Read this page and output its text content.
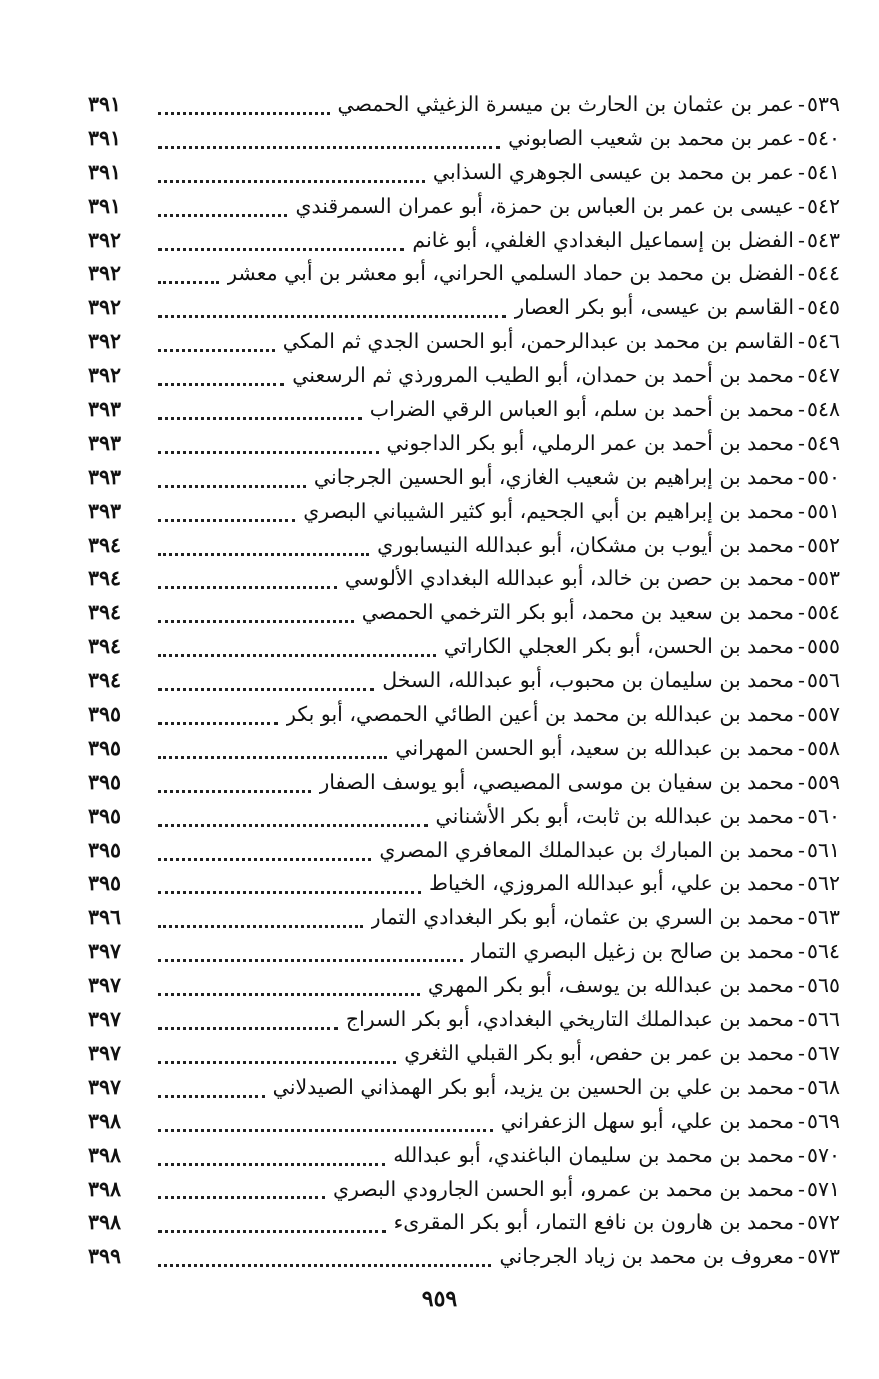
٥٣٩
-
عمر بن عثمان بن الحارث بن ميسرة الزغيثي الحمصي
٣٩١
٥٤٠
-
عمر بن محمد بن شعيب الصابوني
٣٩١
٥٤١
-
عمر بن محمد بن عيسى الجوهري السذابي
٣٩١
٥٤٢
-
عيسى بن عمر بن العباس بن حمزة، أبو عمران السمرقندي
٣٩١
٥٤٣
-
الفضل بن إسماعيل البغدادي الغلفي، أبو غانم
٣٩٢
٥٤٤
-
الفضل بن محمد بن حماد السلمي الحراني، أبو معشر بن أبي معشر
٣٩٢
٥٤٥
-
القاسم بن عيسى، أبو بكر العصار
٣٩٢
٥٤٦
-
القاسم بن محمد بن عبدالرحمن، أبو الحسن الجدي ثم المكي
٣٩٢
٥٤٧
-
محمد بن أحمد بن حمدان، أبو الطيب المرورذي ثم الرسعني
٣٩٢
٥٤٨
-
محمد بن أحمد بن سلم، أبو العباس الرقي الضراب
٣٩٣
٥٤٩
-
محمد بن أحمد بن عمر الرملي، أبو بكر الداجوني
٣٩٣
٥٥٠
-
محمد بن إبراهيم بن شعيب الغازي، أبو الحسين الجرجاني
٣٩٣
٥٥١
-
محمد بن إبراهيم بن أبي الجحيم، أبو كثير الشيباني البصري
٣٩٣
٥٥٢
-
محمد بن أيوب بن مشكان، أبو عبدالله النيسابوري
٣٩٤
٥٥٣
-
محمد بن حصن بن خالد، أبو عبدالله البغدادي الألوسي
٣٩٤
٥٥٤
-
محمد بن سعيد بن محمد، أبو بكر الترخمي الحمصي
٣٩٤
٥٥٥
-
محمد بن الحسن، أبو بكر العجلي الكاراتي
٣٩٤
٥٥٦
-
محمد بن سليمان بن محبوب، أبو عبدالله، السخل
٣٩٤
٥٥٧
-
محمد بن عبدالله بن محمد بن أعين الطائي الحمصي، أبو بكر
٣٩٥
٥٥٨
-
محمد بن عبدالله بن سعيد، أبو الحسن المهراني
٣٩٥
٥٥٩
-
محمد بن سفيان بن موسى المصيصي، أبو يوسف الصفار
٣٩٥
٥٦٠
-
محمد بن عبدالله بن ثابت، أبو بكر الأشناني
٣٩٥
٥٦١
-
محمد بن المبارك بن عبدالملك المعافري المصري
٣٩٥
٥٦٢
-
محمد بن علي، أبو عبدالله المروزي، الخياط
٣٩٥
٥٦٣
-
محمد بن السري بن عثمان، أبو بكر البغدادي التمار
٣٩٦
٥٦٤
-
محمد بن صالح بن زغيل البصري التمار
٣٩٧
٥٦٥
-
محمد بن عبدالله بن يوسف، أبو بكر المهري
٣٩٧
٥٦٦
-
محمد بن عبدالملك التاريخي البغدادي، أبو بكر السراج
٣٩٧
٥٦٧
-
محمد بن عمر بن حفص، أبو بكر القبلي الثغري
٣٩٧
٥٦٨
-
محمد بن علي بن الحسين بن يزيد، أبو بكر الهمذاني الصيدلاني
٣٩٧
٥٦٩
-
محمد بن علي، أبو سهل الزعفراني
٣٩٨
٥٧٠
-
محمد بن محمد بن سليمان الباغندي، أبو عبدالله
٣٩٨
٥٧١
-
محمد بن محمد بن عمرو، أبو الحسن الجارودي البصري
٣٩٨
٥٧٢
-
محمد بن هارون بن نافع التمار، أبو بكر المقرىء
٣٩٨
٥٧٣
-
معروف بن محمد بن زياد الجرجاني
٣٩٩
٩٥٩
